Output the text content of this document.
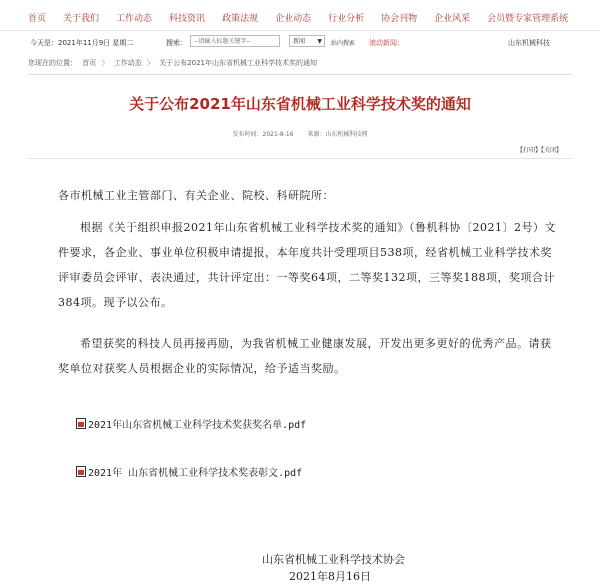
首页 关于我们 工作动态 科技资讯 政策法规 企业动态 行业分析 协会刊物 企业风采 会员暨专家管理系统
今天是：2021年11月9日 星期二	搜索：	--请输入标题关键字--	新闻 ▼ 站内搜索 滚动新闻：	山东机械科技
您现在的位置： 首页 〉 工作动态 〉 关于公布2021年山东省机械工业科学技术奖的通知
关于公布2021年山东省机械工业科学技术奖的通知
发布时间：2021-8-16 来源：山东机械科技网
【打印】【关闭】
各市机械工业主管部门、有关企业、院校、科研院所：
根据《关于组织申报2021年山东省机械工业科学技术奖的通知》（鲁机科协〔2021〕2号）文件要求，各企业、事业单位积极申请提报，本年度共计受理项目538项，经省机械工业科学技术奖评审委员会评审、表决通过，共计评定出：一等奖64项，二等奖132项，三等奖188项，奖项合计384项。现予以公布。
希望获奖的科技人员再接再励，为我省机械工业健康发展，开发出更多更好的优秀产品。请获奖单位对获奖人员根据企业的实际情况，给予适当奖励。
2021年山东省机械工业科学技术奖获奖名单.pdf
2021年 山东省机械工业科学技术奖表彰文.pdf
山东省机械工业科学技术协会
2021年8月16日
